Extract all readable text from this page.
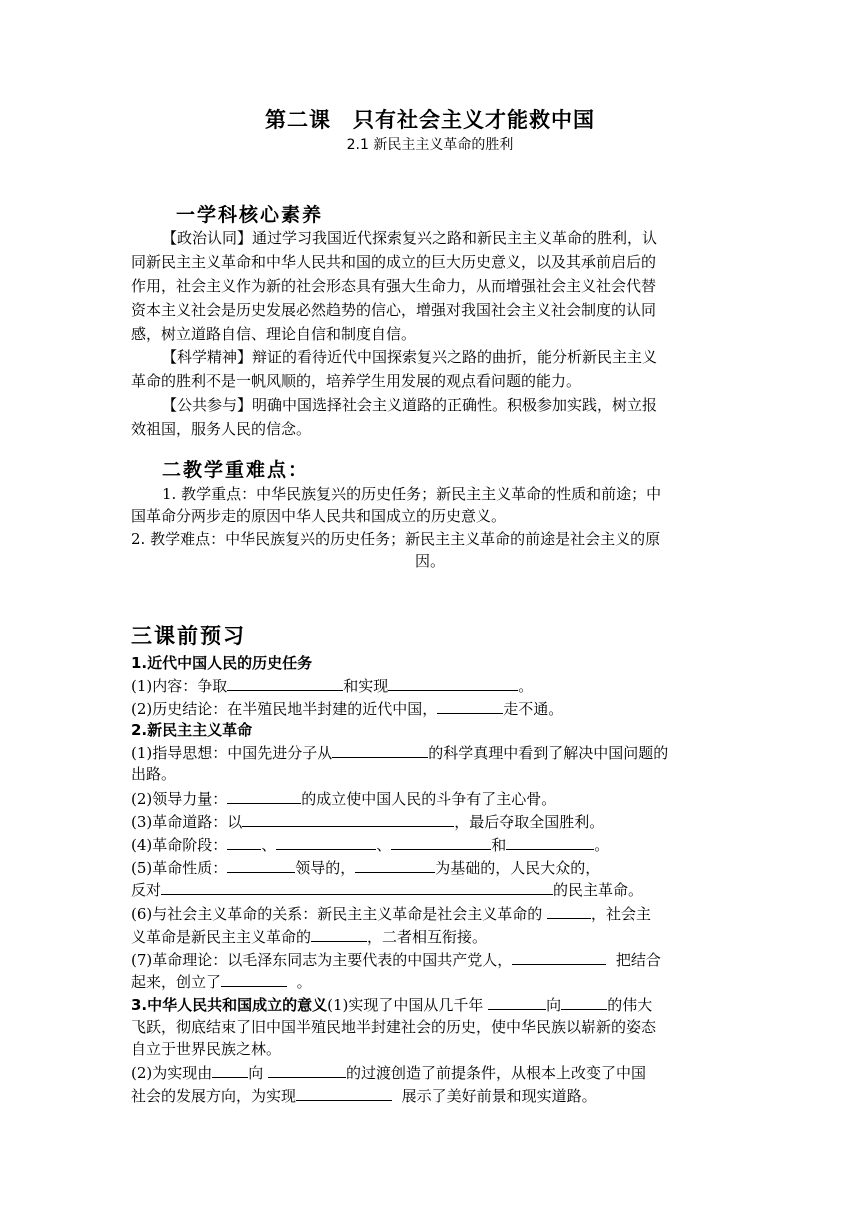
第二课　只有社会主义才能救中国
2.1 新民主主义革命的胜利
一学科核心素养
【政治认同】通过学习我国近代探索复兴之路和新民主主义革命的胜利，认
同新民主主义革命和中华人民共和国的成立的巨大历史意义，以及其承前启后的
作用，社会主义作为新的社会形态具有强大生命力，从而增强社会主义社会代替
资本主义社会是历史发展必然趋势的信心，增强对我国社会主义社会制度的认同
感，树立道路自信、理论自信和制度自信。
【科学精神】辩证的看待近代中国探索复兴之路的曲折，能分析新民主主义
革命的胜利不是一帆风顺的，培养学生用发展的观点看问题的能力。
【公共参与】明确中国选择社会主义道路的正确性。积极参加实践，树立报
效祖国，服务人民的信念。
二教学重难点：
1. 教学重点：中华民族复兴的历史任务；新民主主义革命的性质和前途；中
国革命分两步走的原因中华人民共和国成立的历史意义。
2. 教学难点：中华民族复兴的历史任务；新民主主义革命的前途是社会主义的原
因。
三课前预习
1.近代中国人民的历史任务
(1)内容：争取	和实现	。
(2)历史结论：在半殖民地半封建的近代中国，	走不通。
2.新民主主义革命
(1)指导思想：中国先进分子从	的科学真理中看到了解决中国问题的
出路。
(2)领导力量：	的成立使中国人民的斗争有了主心骨。
(3)革命道路：以	，最后夺取全国胜利。
(4)革命阶段： 、	、	和	。
(5)革命性质：	领导的，	为基础的，人民大众的，
反对	的民主革命。
(6)与社会主义革命的关系：新民主主义革命是社会主义革命的	，社会主
义革命是新民主主义革命的	，二者相互衔接。
(7)革命理论：以毛泽东同志为主要代表的中国共产党人，	把结合
起来，创立了	。
3.中华人民共和国成立的意义(1)实现了中国从几千年	向	的伟大
飞跃，彻底结束了旧中国半殖民地半封建社会的历史，使中华民族以崭新的姿态
自立于世界民族之林。
(2)为实现由 向	的过渡创造了前提条件，从根本上改变了中国
社会的发展方向，为实现	展示了美好前景和现实道路。
